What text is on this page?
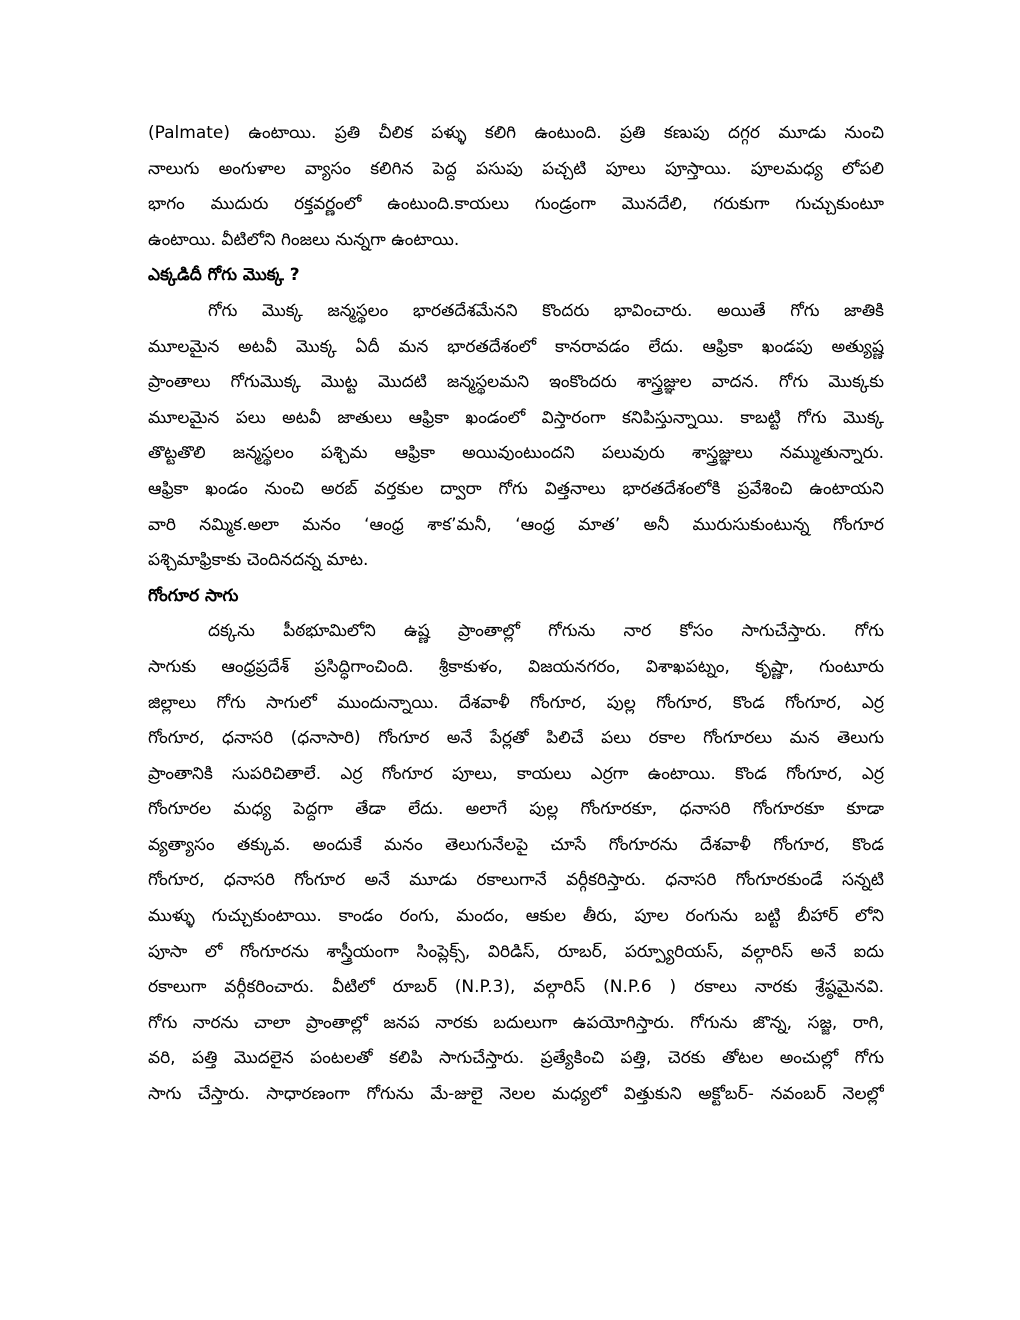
(Palmate) ఉంటాయి. ప్రతి చీలిక పళ్ళు కలిగి ఉంటుంది. ప్రతి కణుపు దగ్గర మూడు నుంచి
నాలుగు అంగుళాల వ్యాసం కలిగిన పెద్ద పసుపు పచ్చటి పూలు పూస్తాయి. పూలమధ్య లోపలి
భాగం ముదురు రక్తవర్ణంలో ఉంటుంది.కాయలు గుండ్రంగా మొనదేలి, గరుకుగా గుచ్చుకుంటూ
ఉంటాయి. వీటిలోని గింజలు నున్నగా ఉంటాయి.
ఎక్కడిదీ గోగు మొక్క ?
గోగు మొక్క జన్మస్థలం భారతదేశమేనని కొందరు భావించారు. అయితే గోగు జాతికి
మూలమైన అటవీ మొక్క ఏదీ మన భారతదేశంలో కానరావడం లేదు. ఆఫ్రికా ఖండపు అత్యుష్ణ
ప్రాంతాలు గోగుమొక్క మొట్ట మొదటి జన్మస్థలమని ఇంకొందరు శాస్త్రజ్ఞుల వాదన. గోగు మొక్కకు
మూలమైన పలు అటవీ జాతులు ఆఫ్రికా ఖండంలో విస్తారంగా కనిపిస్తున్నాయి. కాబట్టి గోగు మొక్క
తొట్టతొలి జన్మస్థలం పశ్చిమ ఆఫ్రికా అయివుంటుందని పలువురు శాస్త్రజ్ఞులు నమ్ముతున్నారు.
ఆఫ్రికా ఖండం నుంచి అరబ్ వర్తకుల ద్వారా గోగు విత్తనాలు భారతదేశంలోకి ప్రవేశించి ఉంటాయని
వారి నమ్మిక.అలా మనం ‘ఆంధ్ర శాక’మనీ, ‘ఆంధ్ర మాత’ అనీ మురుసుకుంటున్న గోంగూర
పశ్చిమాఫ్రికాకు చెందినదన్న మాట.
గోంగూర సాగు
దక్కను పీఠభూమిలోని ఉష్ణ ప్రాంతాల్లో గోగును నార కోసం సాగుచేస్తారు. గోగు
సాగుకు ఆంధ్రప్రదేశ్ ప్రసిద్ధిగాంచింది. శ్రీకాకుళం, విజయనగరం, విశాఖపట్నం, కృష్ణా, గుంటూరు
జిల్లాలు గోగు సాగులో ముందున్నాయి. దేశవాళీ గోంగూర, పుల్ల గోంగూర, కొండ గోంగూర, ఎర్ర
గోంగూర, ధనాసరి (ధనాసారి) గోంగూర అనే పేర్లతో పిలిచే పలు రకాల గోంగూరలు మన తెలుగు
ప్రాంతానికి సుపరిచితాలే. ఎర్ర గోంగూర పూలు, కాయలు ఎర్రగా ఉంటాయి. కొండ గోంగూర, ఎర్ర
గోంగూరల మధ్య పెద్దగా తేడా లేదు. అలాగే పుల్ల గోంగూరకూ, ధనాసరి గోంగూరకూ కూడా
వ్యత్యాసం తక్కువ. అందుకే మనం తెలుగునేలపై చూసే గోంగూరను దేశవాళీ గోంగూర, కొండ
గోంగూర, ధనాసరి గోంగూర అనే మూడు రకాలుగానే వర్గీకరిస్తారు. ధనాసరి గోంగూరకుండే సన్నటి
ముళ్ళు గుచ్చుకుంటాయి. కాండం రంగు, మందం, ఆకుల తీరు, పూల రంగును బట్టి బీహార్ లోని
పూసా లో గోంగూరను శాస్త్రీయంగా సింప్లెక్స్, విరిడిస్, రూబర్, పర్ప్యూరియస్, వల్గారిస్ అనే ఐదు
రకాలుగా వర్గీకరించారు. వీటిలో రూబర్ (N.P.3), వల్గారిస్ (N.P.6 ) రకాలు నారకు శ్రేష్ఠమైనవి.
గోగు నారను చాలా ప్రాంతాల్లో జనప నారకు బదులుగా ఉపయోగిస్తారు. గోగును జొన్న, సజ్జ, రాగి,
వరి, పత్తి మొదలైన పంటలతో కలిపి సాగుచేస్తారు. ప్రత్యేకించి పత్తి, చెరకు తోటల అంచుల్లో గోగు
సాగు చేస్తారు. సాధారణంగా గోగును మే-జులై నెలల మధ్యలో విత్తుకుని అక్టోబర్- నవంబర్ నెలల్లో
